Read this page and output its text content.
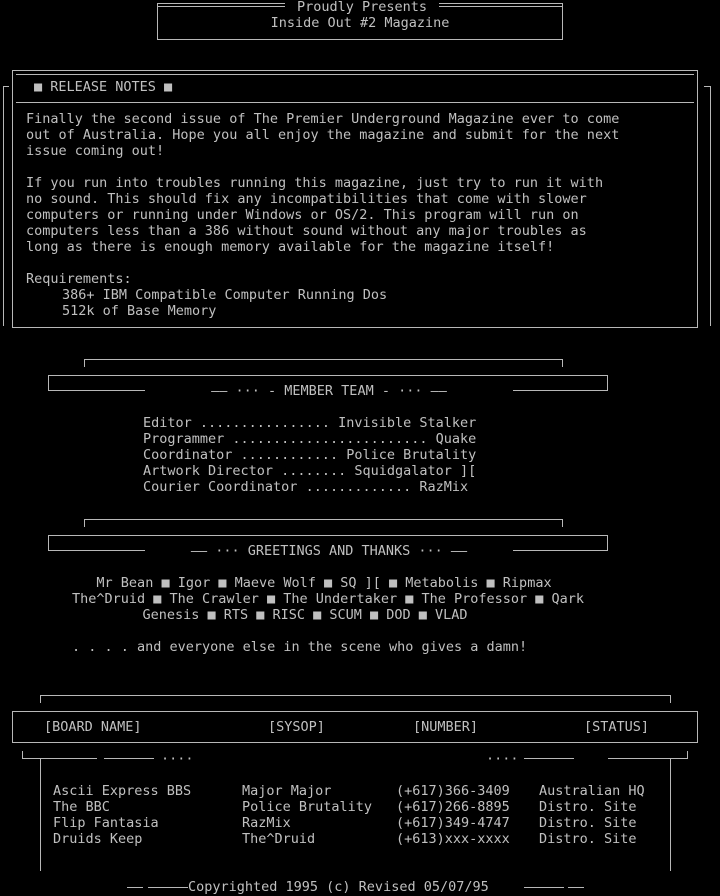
Proudly Presents
Inside Out #2 Magazine
■ RELEASE NOTES ■
Finally the second issue of The Premier Underground Magazine ever to come
out of Australia. Hope you all enjoy the magazine and submit for the next
issue coming out!
If you run into troubles running this magazine, just try to run it with
no sound. This should fix any incompatibilities that come with slower
computers or running under Windows or OS/2. This program will run on
computers less than a 386 without sound without any major troubles as
long as there is enough memory available for the magazine itself!
Requirements:
386+ IBM Compatible Computer Running Dos
512k of Base Memory
—— ··· - MEMBER TEAM - ··· ——
Editor ................ Invisible Stalker
Programmer ........................ Quake
Coordinator ............ Police Brutality
Artwork Director ........ Squidgalator ][
Courier Coordinator ............. RazMix
—— ··· GREETINGS AND THANKS ··· ——
Mr Bean ■ Igor ■ Maeve Wolf ■ SQ ][ ■ Metabolis ■ Ripmax
The^Druid ■ The Crawler ■ The Undertaker ■ The Professor ■ Qark
Genesis ■ RTS ■ RISC ■ SCUM ■ DOD ■ VLAD
. . . . and everyone else in the scene who gives a damn!
[BOARD NAME]	[SYSOP]	[NUMBER]	[STATUS]
····	····
Ascii Express BBS	Major Major	(+617)366-3409 Australian HQ
The BBC	Police Brutality (+617)266-8895 Distro. Site
Flip Fantasia	RazMix	(+617)349-4747 Distro. Site
Druids Keep	The^Druid	(+613)xxx-xxxx Distro. Site
Copyrighted 1995 (c) Revised 05/07/95
